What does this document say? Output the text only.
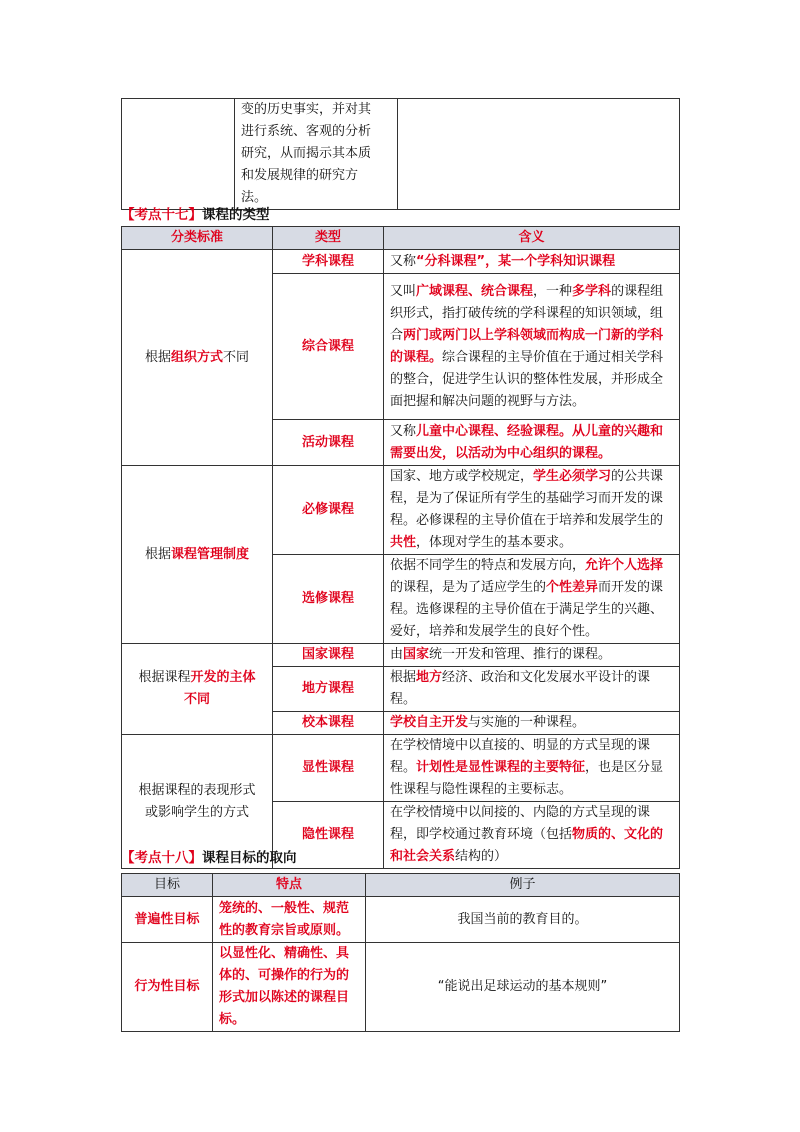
变的历史事实，并对其
进行系统、客观的分析
研究，从而揭示其本质
和发展规律的研究方
法。

【考点十七】课程的类型
分类标准	类型	含义
根据组织方式不同	学科课程	又称“分科课程”，某一个学科知识课程
	综合课程	又叫广域课程、统合课程，一种多学科的课程组织形式，指打破传统的学科课程的知识领域，组合两门或两门以上学科领域而构成一门新的学科的课程。综合课程的主导价值在于通过相关学科的整合，促进学生认识的整体性发展，并形成全面把握和解决问题的视野与方法。
	活动课程	又称儿童中心课程、经验课程。从儿童的兴趣和需要出发，以活动为中心组织的课程。
根据课程管理制度	必修课程	国家、地方或学校规定，学生必须学习的公共课程，是为了保证所有学生的基础学习而开发的课程。必修课程的主导价值在于培养和发展学生的共性，体现对学生的基本要求。
	选修课程	依据不同学生的特点和发展方向，允许个人选择的课程，是为了适应学生的个性差异而开发的课程。选修课程的主导价值在于满足学生的兴趣、爱好，培养和发展学生的良好个性。

根据课程开发的主体
不同	国家课程	由国家统一开发和管理、推行的课程。
	地方课程	根据地方经济、政治和文化发展水平设计的课程。
	校本课程	学校自主开发与实施的一种课程。

根据课程的表现形式
或影响学生的方式	显性课程	在学校情境中以直接的、明显的方式呈现的课程。计划性是显性课程的主要特征，也是区分显性课程与隐性课程的主要标志。
	隐性课程	在学校情境中以间接的、内隐的方式呈现的课程，即学校通过教育环境（包括物质的、文化的和社会关系结构的）
【考点十八】课程目标的取向
目标	特点	例子
普遍性目标	笼统的、一般性、规范性的教育宗旨或原则。	我国当前的教育目的。
行为性目标	以显性化、精确性、具体的、可操作的行为的形式加以陈述的课程目标。	“能说出足球运动的基本规则”
